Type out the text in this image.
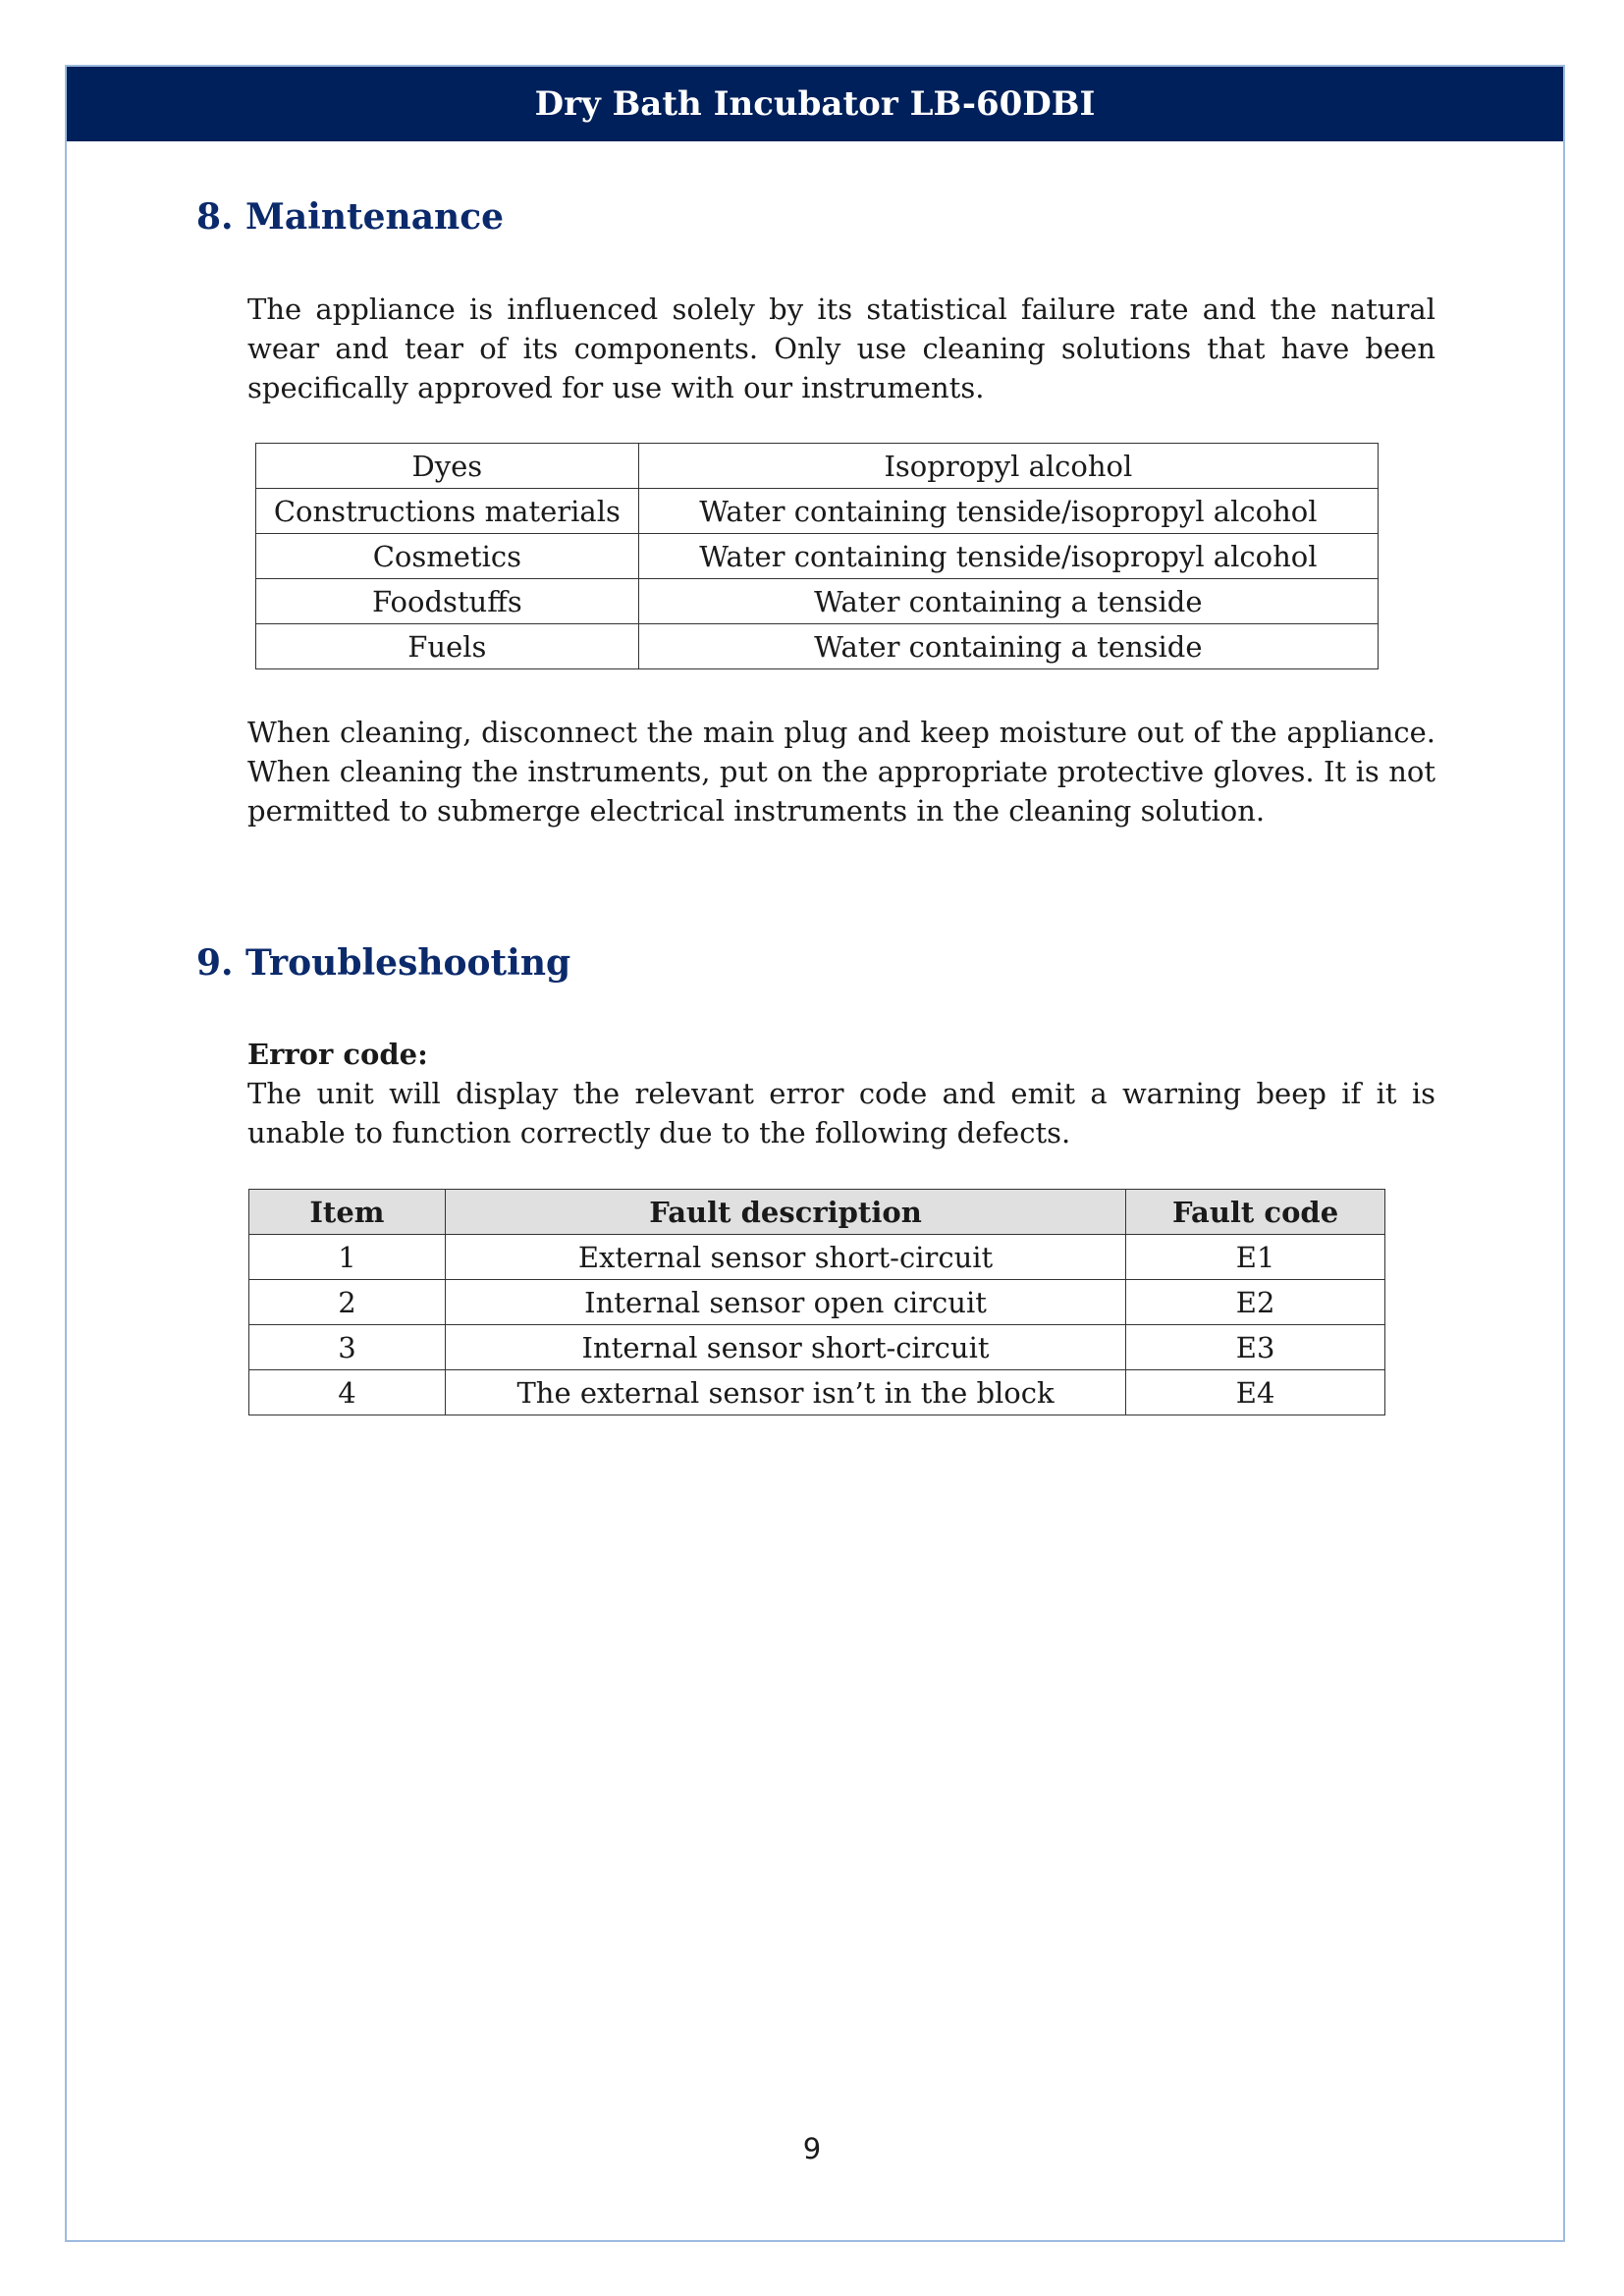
Dry Bath Incubator LB-60DBI
8. Maintenance

The appliance is influenced solely by its statistical failure rate and the natural wear and tear of its components. Only use cleaning solutions that have been specifically approved for use with our instruments.

Dyes	Isopropyl alcohol
Constructions materials	Water containing tenside/isopropyl alcohol
Cosmetics	Water containing tenside/isopropyl alcohol
Foodstuffs	Water containing a tenside
Fuels	Water containing a tenside

When cleaning, disconnect the main plug and keep moisture out of the appliance. When cleaning the instruments, put on the appropriate protective gloves. It is not permitted to submerge electrical instruments in the cleaning solution.

9. Troubleshooting

Error code:

The unit will display the relevant error code and emit a warning beep if it is unable to function correctly due to the following defects.

Item	Fault description	Fault code
1	External sensor short-circuit	E1
2	Internal sensor open circuit	E2
3	Internal sensor short-circuit	E3
4	The external sensor isn’t in the block	E4
9
